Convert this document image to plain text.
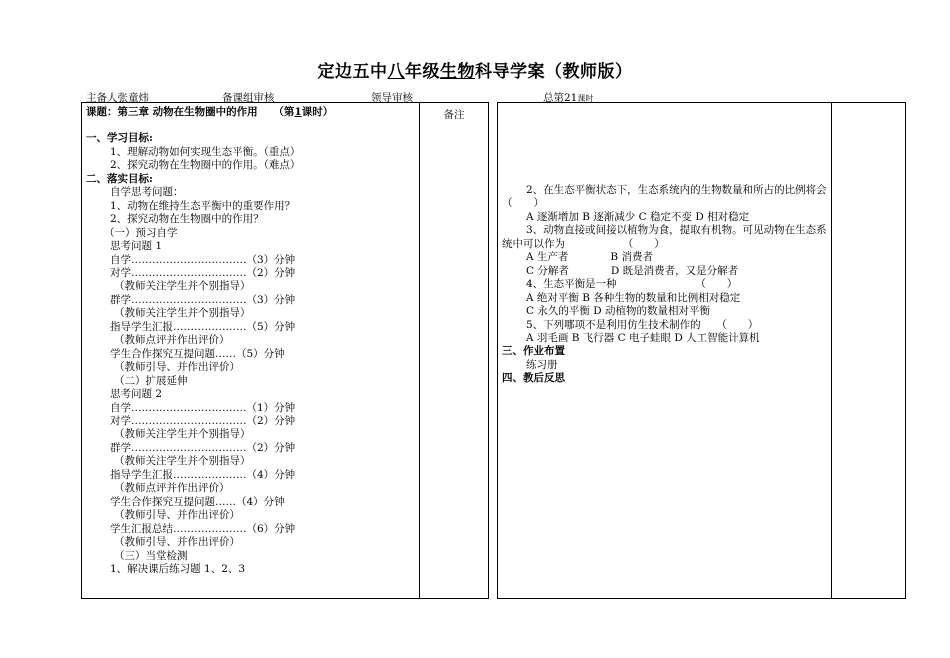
定边五中八年级生物科导学案（教师版）
主备人张童炜	备课组审核　　　	领导审核　　　	总第21课时
备注
课题：第三章 动物在生物圈中的作用　　（第1课时）
一、学习目标:
1、理解动物如何实现生态平衡。（重点）
2、探究动物在生物圈中的作用。（难点）
二、落实目标:
自学思考问题：
1、动物在维持生态平衡中的重要作用？
2、探究动物在生物圈中的作用？
（一）预习自学
思考问题 1
自学……………………………（3）分钟
对学……………………………（2）分钟
（教师关注学生并个别指导）
群学……………………………（3）分钟
（教师关注学生并个别指导）
指导学生汇报…………………（5）分钟
（教师点评并作出评价）
学生合作探究互提问题……（5）分钟
（教师引导、并作出评价）
（二）扩展延伸
思考问题 2
自学……………………………（1）分钟
对学……………………………（2）分钟
（教师关注学生并个别指导）
群学……………………………（2）分钟
（教师关注学生并个别指导）
指导学生汇报…………………（4）分钟
（教师点评并作出评价）
学生合作探究互提问题……（4）分钟
（教师引导、并作出评价）
学生汇报总结…………………（6）分钟
（教师引导、并作出评价）
（三）当堂检测
1、解决课后练习题 1、2、3
2、在生态平衡状态下，生态系统内的生物数量和所占的比例将会　　　　　　　（　　）
A 逐渐增加 B 逐渐减少 C 稳定不变 D 相对稳定
3、动物直接或间接以植物为食，提取有机物。可见动物在生态系统中可以作为　　　　　　（　　）
A 生产者　　　　B 消费者
C 分解者　　　　D 既是消费者，又是分解者
4、生态平衡是一种　　　　　　　　（　　）
A 绝对平衡 B 各种生物的数量和比例相对稳定
C 永久的平衡 D 动植物的数量相对平衡
5、下列哪项不是利用仿生技术制作的　　（　　）
A 羽毛画 B 飞行器 C 电子蛙眼 D 人工智能计算机
三、作业布置
练习册
四、教后反思
